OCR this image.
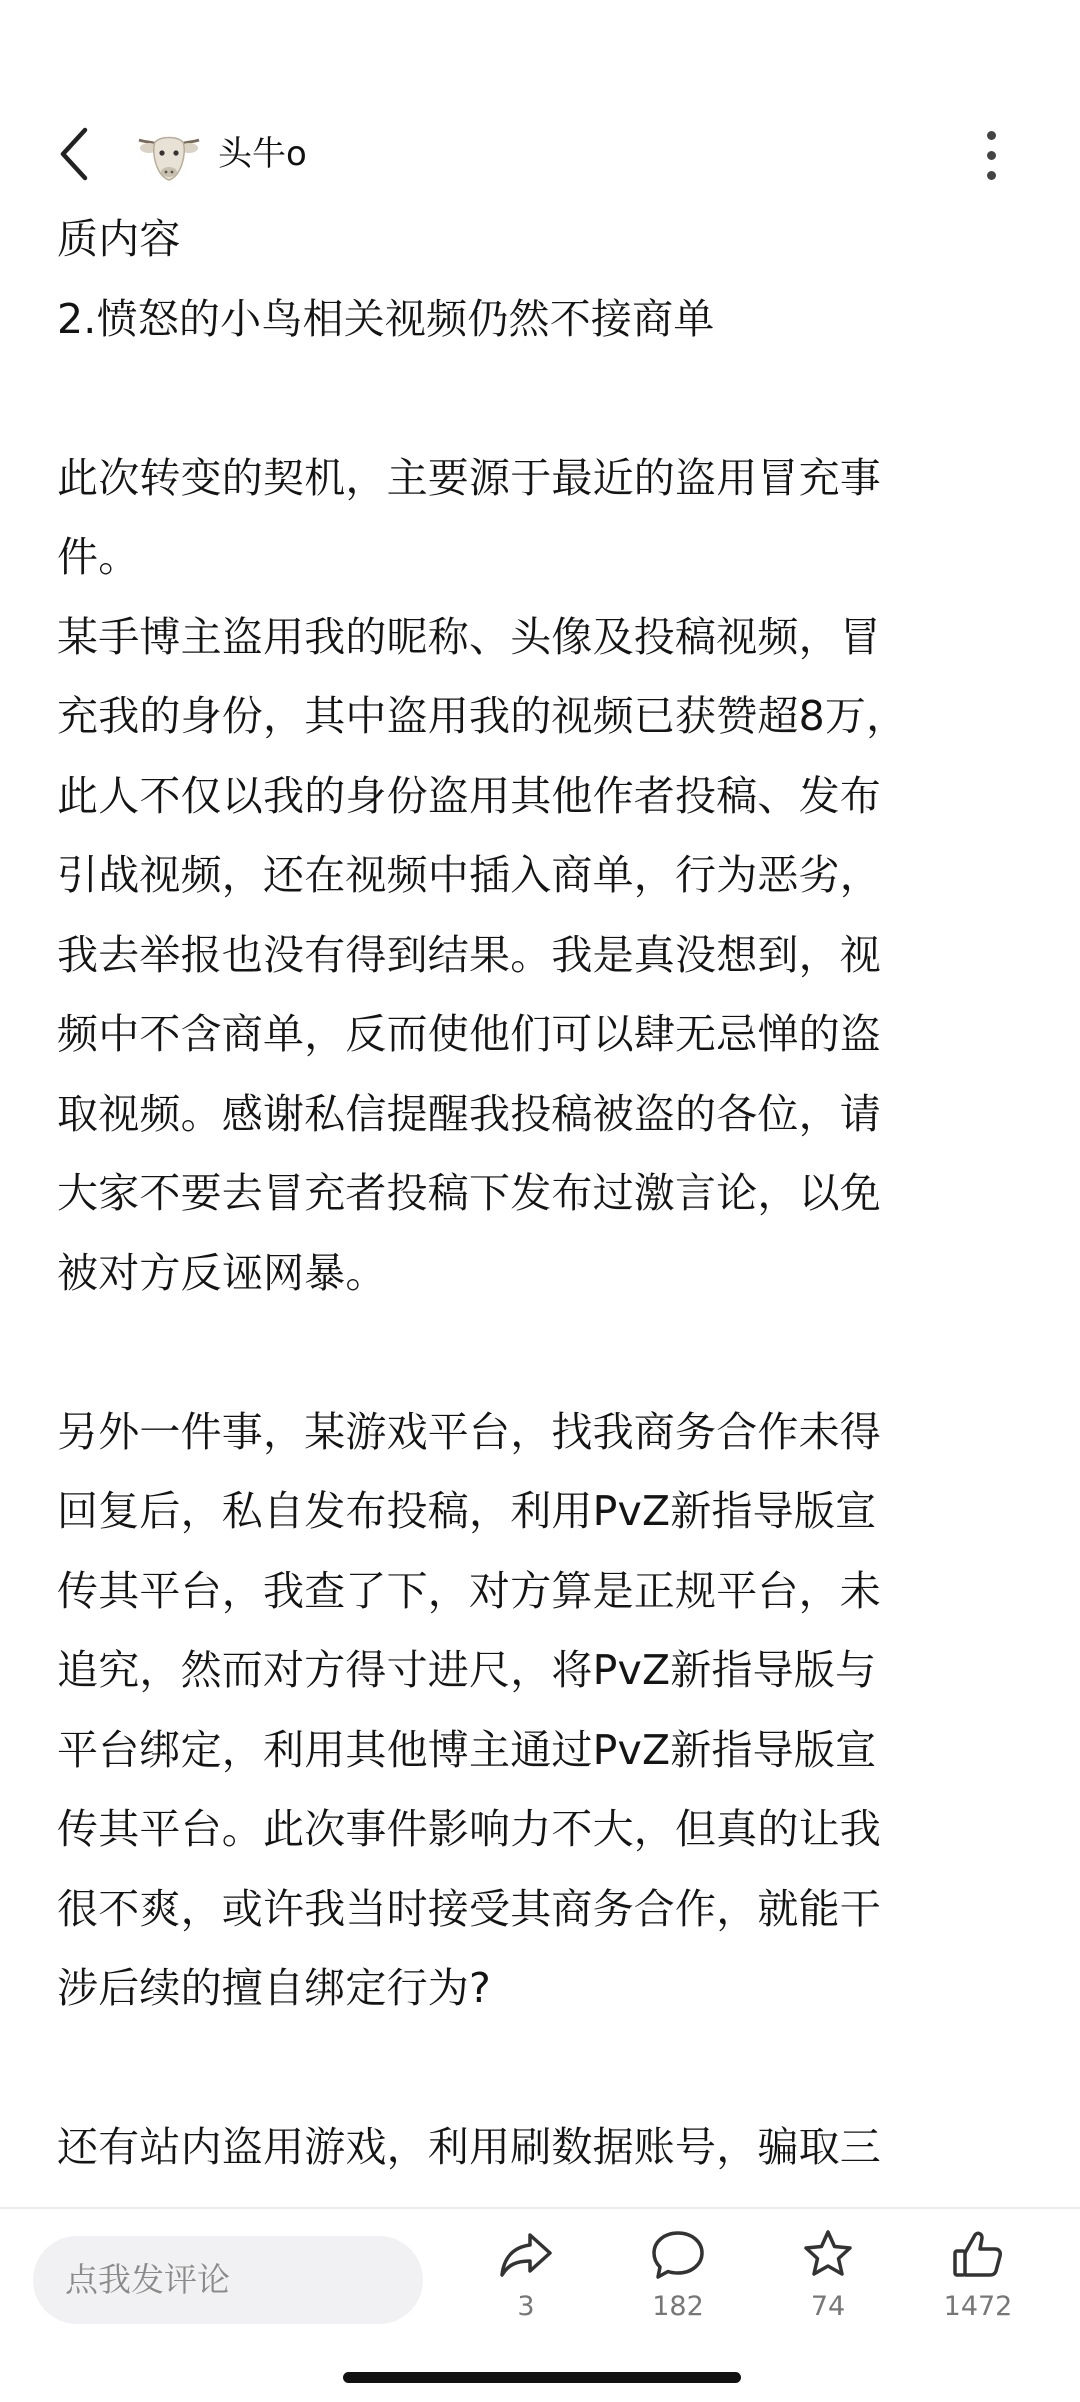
头牛o

质内容

2.愤怒的小鸟相关视频仍然不接商单

此次转变的契机，主要源于最近的盗用冒充事

件。

某手博主盗用我的昵称、头像及投稿视频，冒

充我的身份，其中盗用我的视频已获赞超8万，

此人不仅以我的身份盗用其他作者投稿、发布

引战视频，还在视频中插入商单，行为恶劣，

我去举报也没有得到结果。我是真没想到，视

频中不含商单，反而使他们可以肆无忌惮的盗

取视频。感谢私信提醒我投稿被盗的各位，请

大家不要去冒充者投稿下发布过激言论，以免

被对方反诬网暴。

另外一件事，某游戏平台，找我商务合作未得

回复后，私自发布投稿，利用PvZ新指导版宣

传其平台，我查了下，对方算是正规平台，未

追究，然而对方得寸进尺，将PvZ新指导版与

平台绑定，利用其他博主通过PvZ新指导版宣

传其平台。此次事件影响力不大，但真的让我

很不爽，或许我当时接受其商务合作，就能干

涉后续的擅自绑定行为?

还有站内盗用游戏，利用刷数据账号，骗取三

点我发评论
3	182	74	1472
